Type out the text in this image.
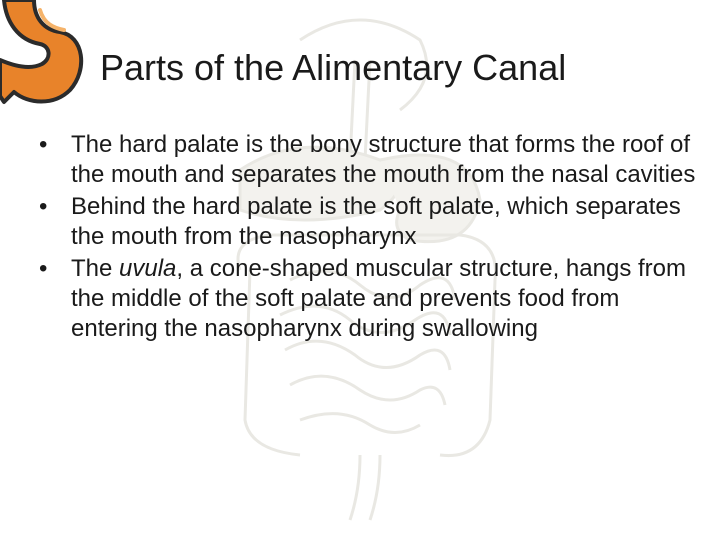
Parts of the Alimentary Canal
• The hard palate is the bony structure that forms the roof of the mouth and separates the mouth from the nasal cavities
• Behind the hard palate is the soft palate, which separates the mouth from the nasopharynx
• The uvula, a cone-shaped muscular structure, hangs from the middle of the soft palate and prevents food from entering the nasopharynx during swallowing
